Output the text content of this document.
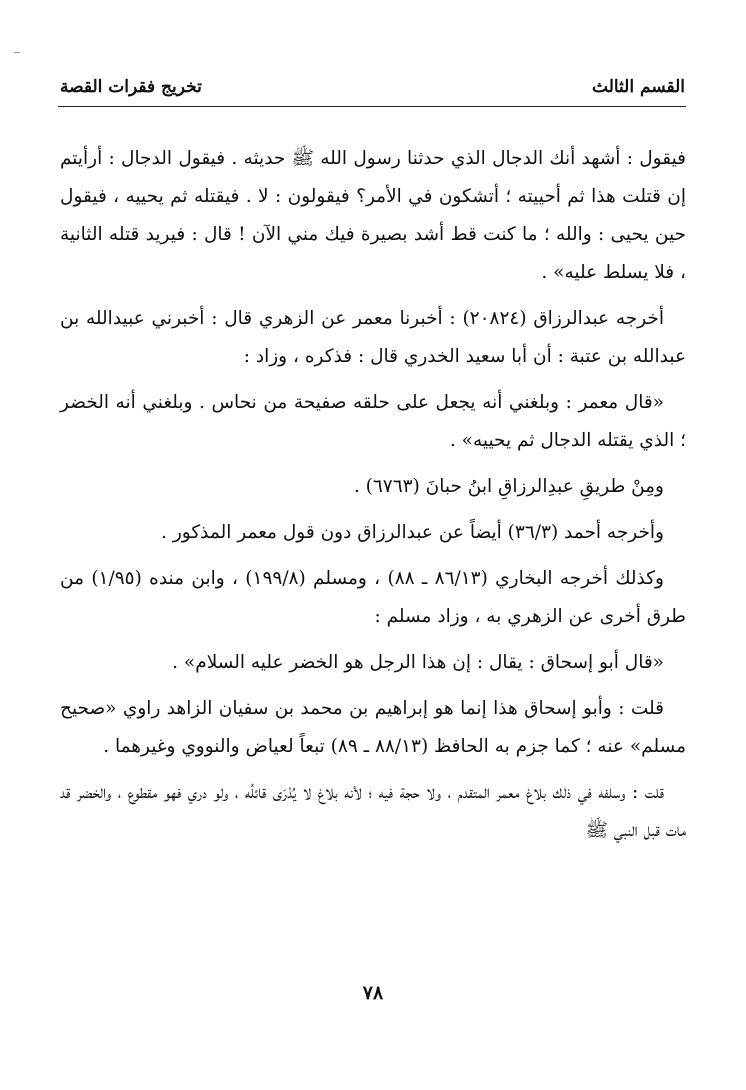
القسم الثالث
تخريج فقرات القصة

فيقول : أشهد أنك الدجال الذي حدثنا رسول الله ﷺ حديثه . فيقول الدجال : أرأيتم إن قتلت هذا ثم أحييته ؛ أتشكون في الأمر؟ فيقولون : لا . فيقتله ثم يحييه ، فيقول حين يحيى : والله ؛ ما كنت قط أشد بصيرة فيك مني الآن ! قال : فيريد قتله الثانية ، فلا يسلط عليه» .

أخرجه عبدالرزاق (٢٠٨٢٤) : أخبرنا معمر عن الزهري قال : أخبرني عبيدالله بن عبدالله بن عتبة : أن أبا سعيد الخدري قال : فذكره ، وزاد :

«قال معمر : وبلغني أنه يجعل على حلقه صفيحة من نحاس . وبلغني أنه الخضر ؛ الذي يقتله الدجال ثم يحييه» .

ومِنْ طريقِ عبدِالرزاقِ ابنُ حبانَ (٦٧٦٣) .

وأخرجه أحمد (٣٦/٣) أيضاً عن عبدالرزاق دون قول معمر المذكور .

وكذلك أخرجه البخاري (٨٦/١٣ ـ ٨٨) ، ومسلم (١٩٩/٨) ، وابن منده (١/٩٥) من طرق أخرى عن الزهري به ، وزاد مسلم :

«قال أبو إسحاق : يقال : إن هذا الرجل هو الخضر عليه السلام» .

قلت : وأبو إسحاق هذا إنما هو إبراهيم بن محمد بن سفيان الزاهد راوي «صحيح مسلم» عنه ؛ كما جزم به الحافظ (٨٨/١٣ ـ ٨٩) تبعاً لعياض والنووي وغيرهما .

قلت : وسلفه في ذلك بلاغ معمر المتقدم ، ولا حجة فيه ؛ لأنه بلاغ لا يُدْرَى قائلُه ، ولو دري فهو مقطوع ، والخضر قد مات قبل النبي ﷺ

٧٨
